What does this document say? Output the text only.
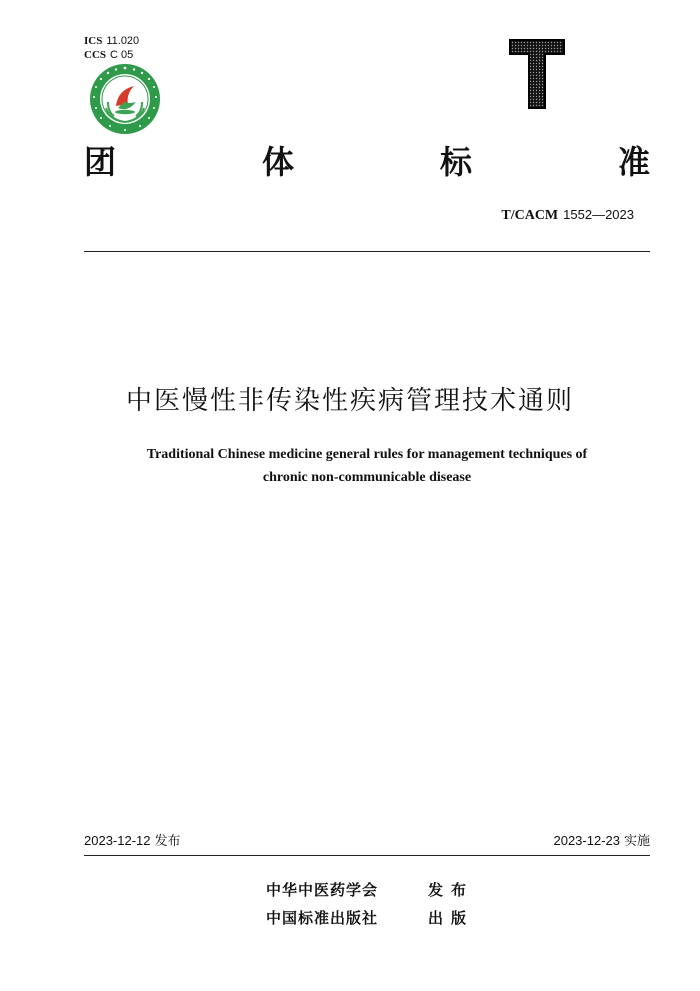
ICS 11.020
CCS C 05
团	体	标	准
T/CACM 1552—2023
中医慢性非传染性疾病管理技术通则
Traditional Chinese medicine general rules for management techniques of
chronic non-communicable disease
2023-12-12 发布	2023-12-23 实施
中华中医药学会	发布
中国标准出版社	出版
